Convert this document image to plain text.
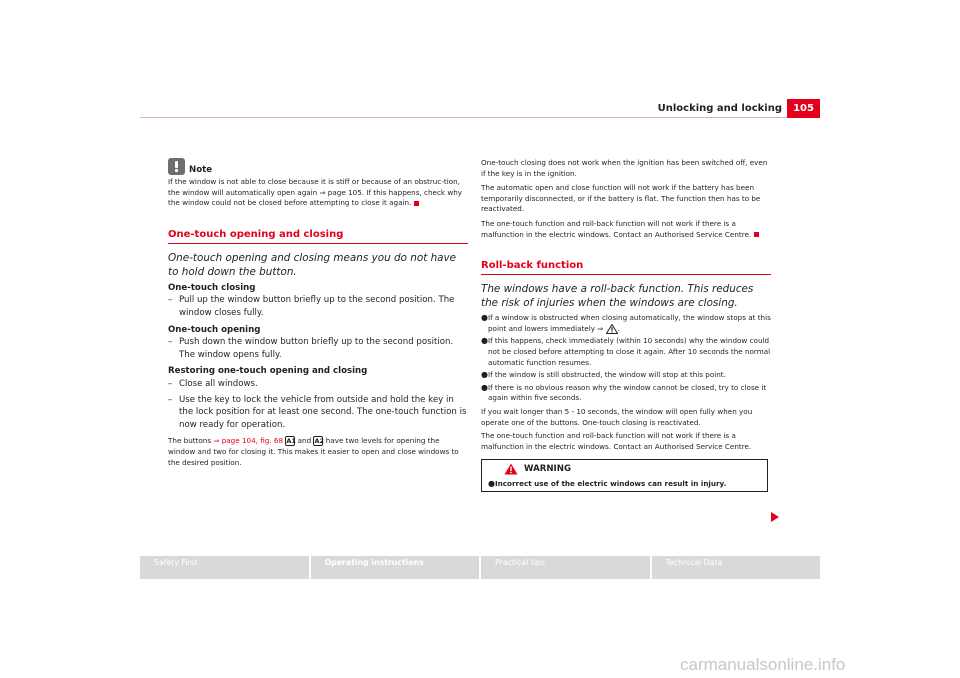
Unlocking and locking	105
Note

If the window is not able to close because it is stiff or because of an obstruc-tion, the window will automatically open again ⇒ page 105. If this happens, check why the window could not be closed before attempting to close it again.

One-touch opening and closing
One-touch opening and closing means you do not have to hold down the button.
One-touch closing
– Pull up the window button briefly up to the second position. The window closes fully.
One-touch opening
– Push down the window button briefly up to the second position. The window opens fully.
Restoring one-touch opening and closing
– Close all windows.
– Use the key to lock the vehicle from outside and hold the key in the lock position for at least one second. The one-touch function is now ready for operation.

The buttons ⇒ page 104, fig. 68 A1 and A2 have two levels for opening the window and two for closing it. This makes it easier to open and close windows to the desired position.

One-touch closing does not work when the ignition has been switched off, even if the key is in the ignition.

The automatic open and close function will not work if the battery has been temporarily disconnected, or if the battery is flat. The function then has to be reactivated.

The one-touch function and roll-back function will not work if there is a malfunction in the electric windows. Contact an Authorised Service Centre.

Roll-back function
The windows have a roll-back function. This reduces the risk of injuries when the windows are closing.
● If a window is obstructed when closing automatically, the window stops at this point and lowers immediately ⇒ .
● If this happens, check immediately (within 10 seconds) why the window could not be closed before attempting to close it again. After 10 seconds the normal automatic function resumes.
● If the window is still obstructed, the window will stop at this point.
● If there is no obvious reason why the window cannot be closed, try to close it again within five seconds.

If you wait longer than 5 - 10 seconds, the window will open fully when you operate one of the buttons. One-touch closing is reactivated.

The one-touch function and roll-back function will not work if there is a malfunction in the electric windows. Contact an Authorised Service Centre.

WARNING
● Incorrect use of the electric windows can result in injury.
Safety First	Operating instructions	Practical tips	Technical Data
carmanualsonline.info
